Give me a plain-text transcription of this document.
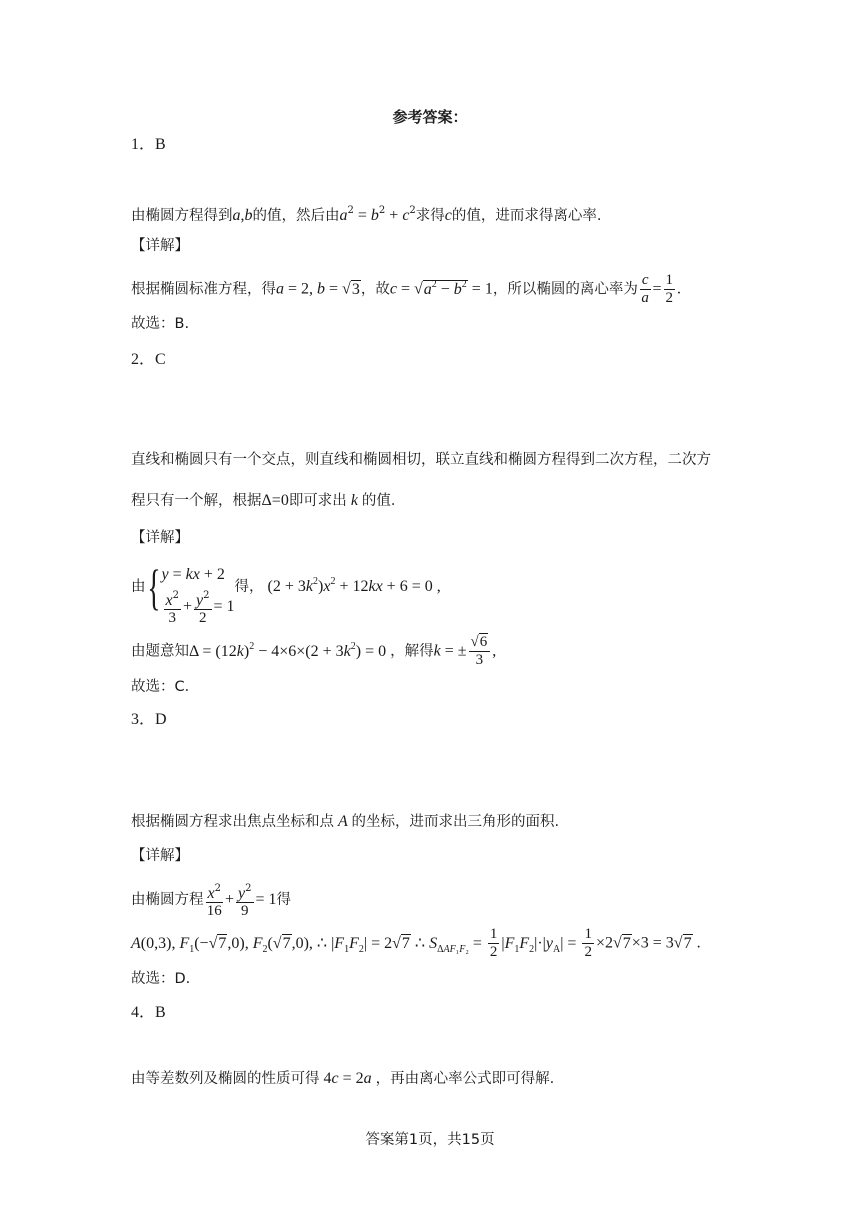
参考答案：
1．B
由椭圆方程得到a,b的值，然后由$a^2 = b^2 + c^2$求得c的值，进而求得离心率.
【详解】
根据椭圆标准方程，得a = 2, b = √3，故$c = √a^2 - b^2 = 1$，所以椭圆的离心率为 $\frac{c}{a} = \frac{1}{2}$ .
故选：B.
2．C
直线和椭圆只有一个交点，则直线和椭圆相切，联立直线和椭圆方程得到二次方程，二次方
程只有一个解，根据Δ=0即可求出 k 的值．
【详解】
由{ y = kx + 2
$\frac{x^2}{3} + \frac{y^2}{2} = 1$
得， $(2 + 3k^2)x^2 + 12kx + 6 = 0$ ,
由题意知$\Delta = (12k)^2 - 4\times 6\times(2 + 3k^2) = 0$ ，解得k = ± $\frac{√6}{3}$ ,
故选：C．
3．D
根据椭圆方程求出焦点坐标和点 A 的坐标，进而求出三角形的面积.
【详解】
由椭圆方程 $\frac{x^2}{16} + \frac{y^2}{9} = 1$得
A(0,3), $F_1(-√7,0)$, $F_2(√7,0)$, ∴ $|F_1F_2| = 2√7$ ∴ $S_{\Delta AF_1F_2} = \frac{1}{2} |F_1F_2|\cdot|y_A| = \frac{1}{2} \times 2√7\times 3 = 3√7$ .
故选：D.
4．B
由等差数列及椭圆的性质可得 4c = 2a ，再由离心率公式即可得解.
答案第1页，共15页
